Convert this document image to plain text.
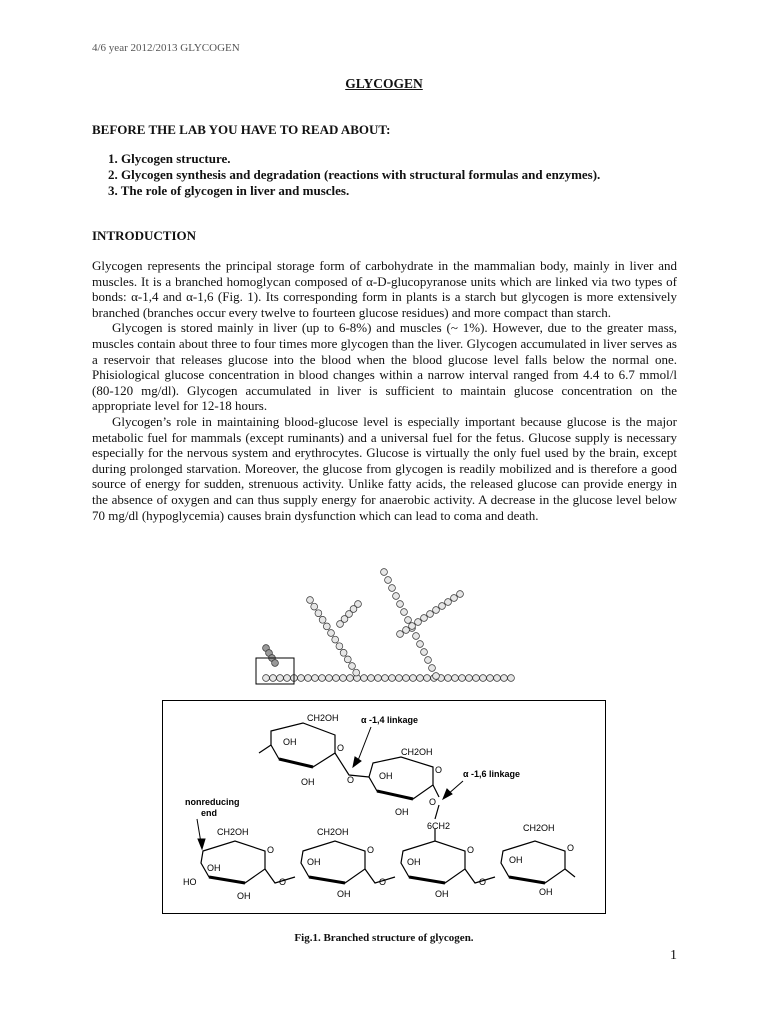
4/6 year 2012/2013 GLYCOGEN
GLYCOGEN
BEFORE THE LAB YOU HAVE TO READ ABOUT:
1. Glycogen structure.
2. Glycogen synthesis and degradation (reactions with structural formulas and enzymes).
3. The role of glycogen in liver and muscles.
INTRODUCTION

Glycogen represents the principal storage form of carbohydrate in the mammalian body, mainly in liver and muscles. It is a branched homoglycan composed of α-D-glucopyranose units which are linked via two types of bonds: α-1,4 and α-1,6 (Fig. 1). Its corresponding form in plants is a starch but glycogen is more extensively branched (branches occur every twelve to fourteen glucose residues) and more compact than starch.

Glycogen is stored mainly in liver (up to 6-8%) and muscles (~ 1%). However, due to the greater mass, muscles contain about three to four times more glycogen than the liver. Glycogen accumulated in liver serves as a reservoir that releases glucose into the blood when the blood glucose level falls below the normal one. Phisiological glucose concentration in blood changes within a narrow interval ranged from 4.4 to 6.7 mmol/l (80-120 mg/dl). Glycogen accumulated in liver is sufficient to maintain glucose concentration on the appropriate level for 12-18 hours.

Glycogen’s role in maintaining blood-glucose level is especially important because glucose is the major metabolic fuel for mammals (except ruminants) and a universal fuel for the fetus. Glucose supply is necessary especially for the nervous system and erythrocytes. Glucose is virtually the only fuel used by the brain, except during prolonged starvation. Moreover, the glucose from glycogen is readily mobilized and is therefore a good source of energy for sudden, strenuous activity. Unlike fatty acids, the released glucose can provide energy in the absence of oxygen and can thus supply energy for anaerobic activity. A decrease in the glucose level below 70 mg/dl (hypoglycemia) causes brain dysfunction which can lead to coma and death.

CH2OH
OH
OH
O
O
α -1,4 linkage
CH2OH
OH
OH
O
O
α -1,6 linkage
6CH2
nonreducing
end
CH2OH	CH2OH	CH2OH
O	O	O	O
O	O	O
OH
OH	OH	OH
HO
OH	OH	OH	OH
Fig.1. Branched structure of glycogen.
1
